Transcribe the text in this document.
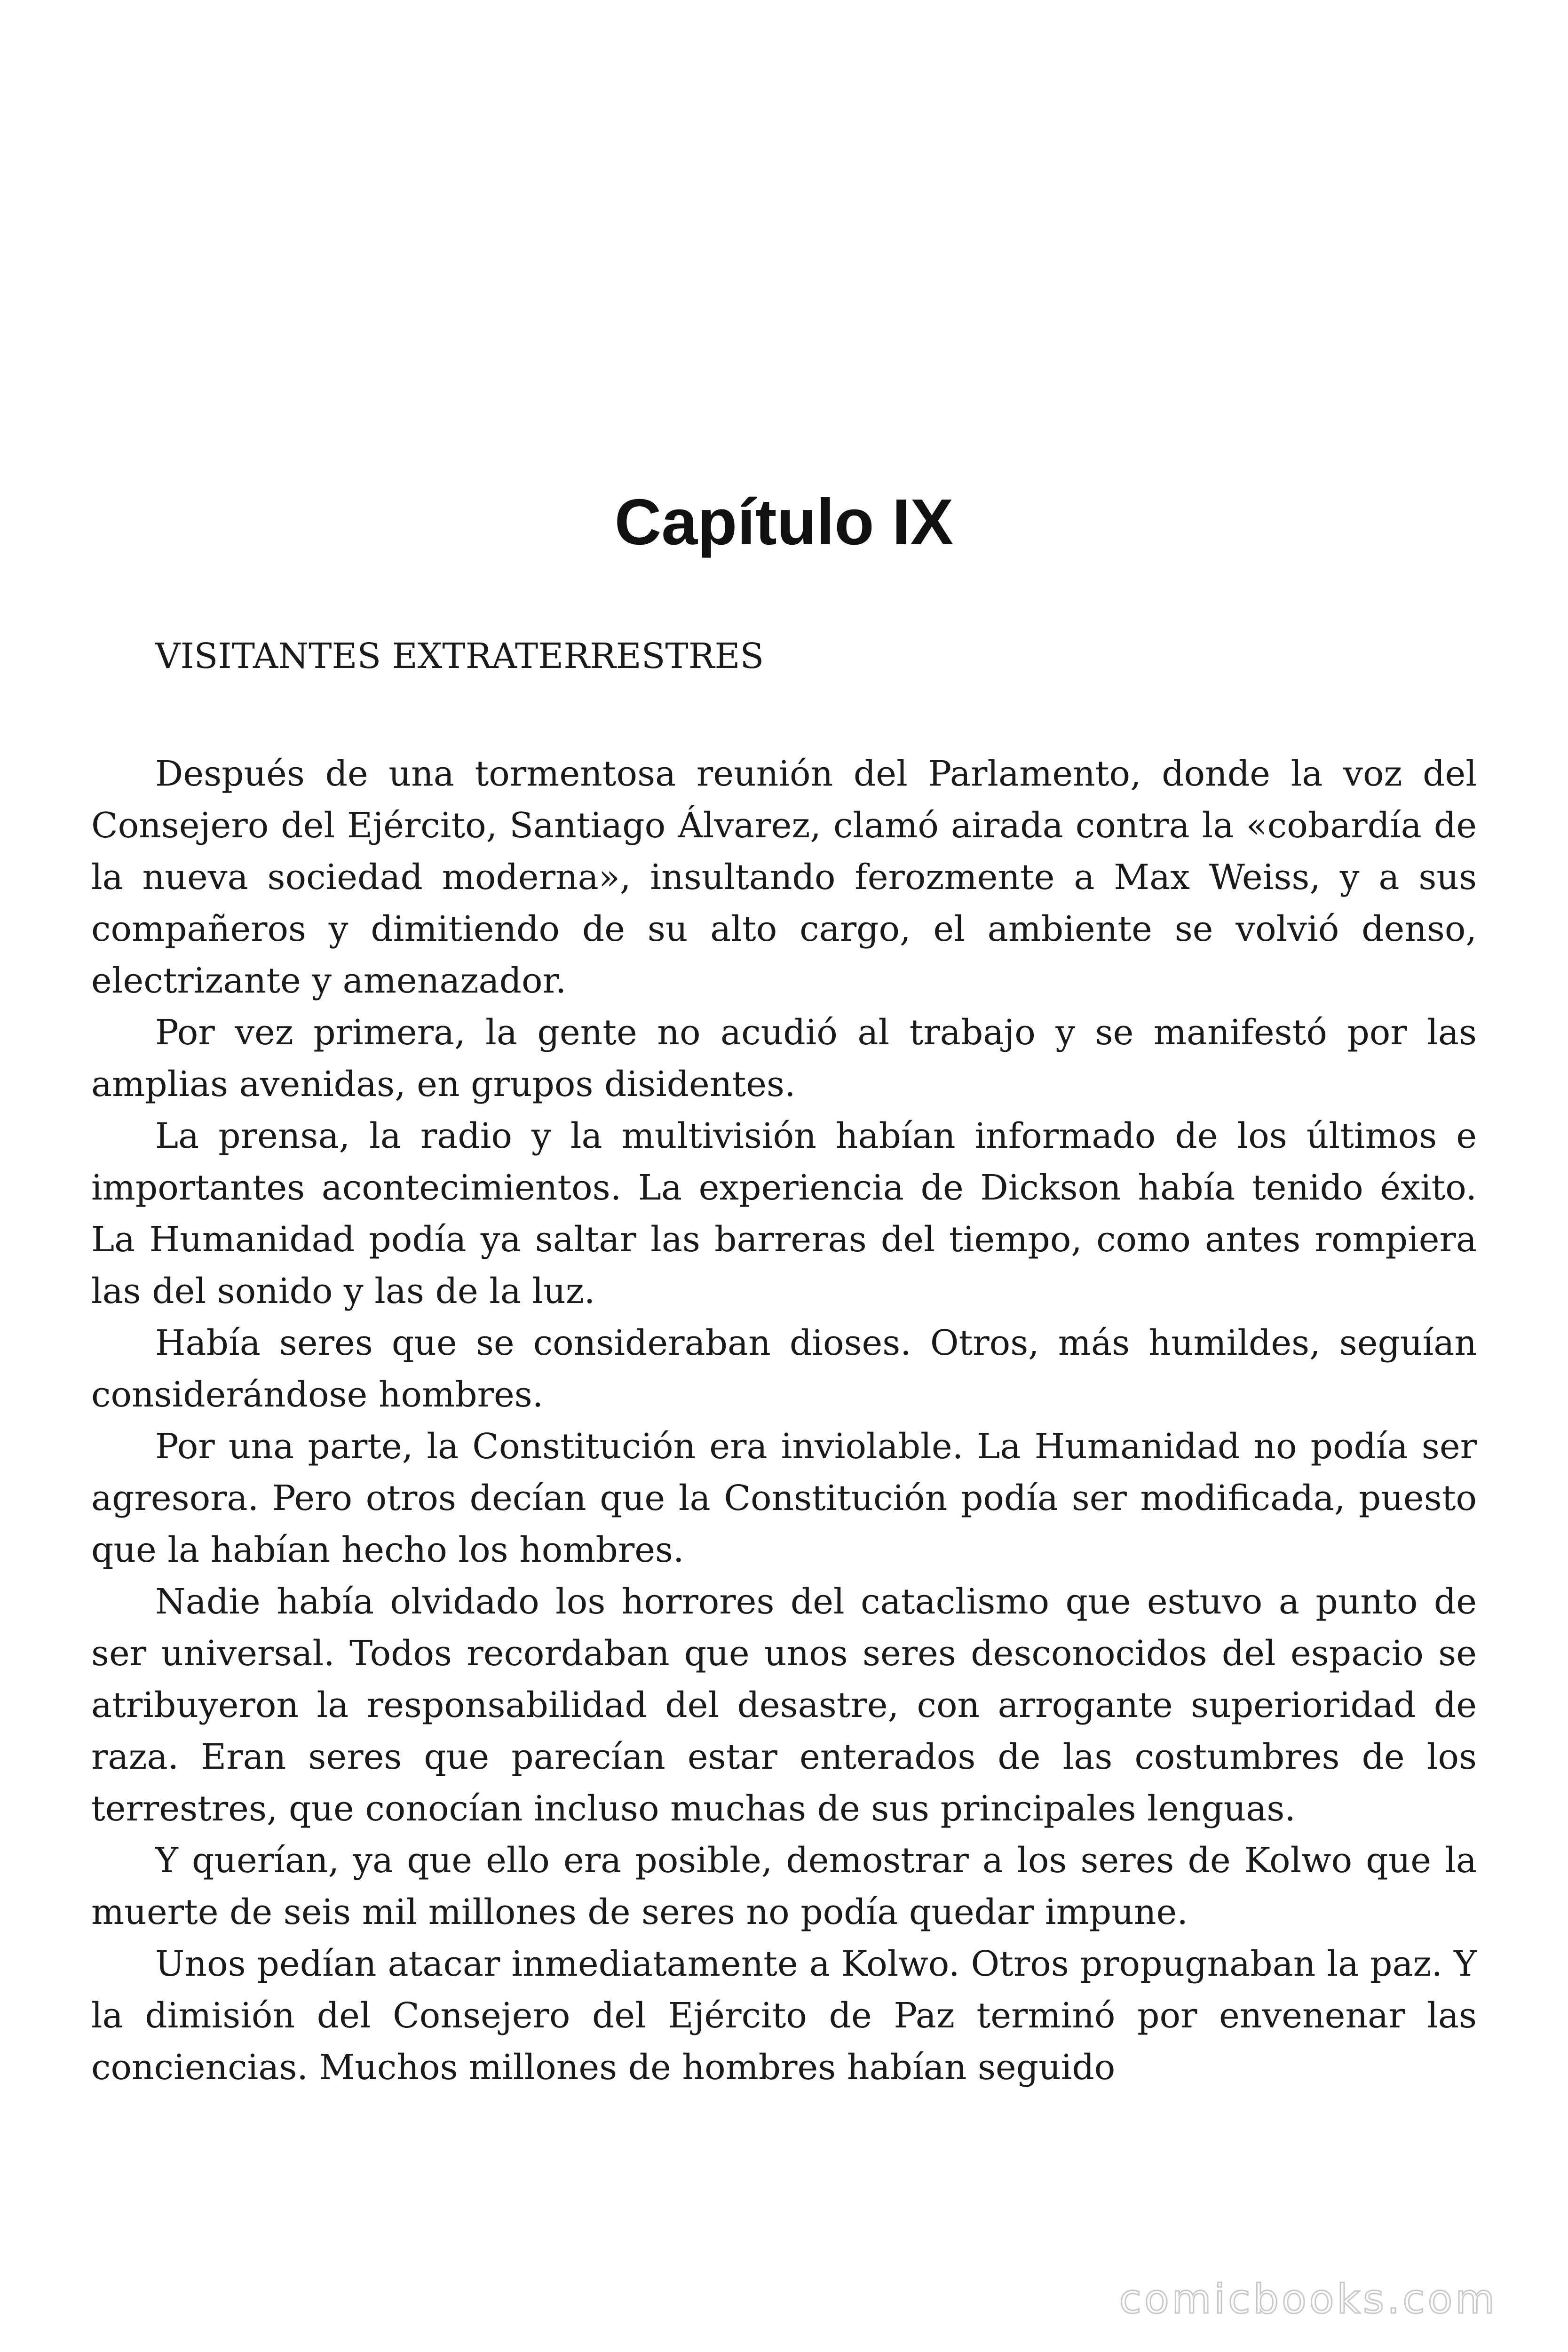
Capítulo IX

VISITANTES EXTRATERRESTRES

Después de una tormentosa reunión del Parlamento, donde la voz del Consejero del Ejército, Santiago Álvarez, clamó airada contra la «cobardía de la nueva sociedad moderna», insultando ferozmente a Max Weiss, y a sus compañeros y dimitiendo de su alto cargo, el ambiente se volvió denso, electrizante y amenazador.

Por vez primera, la gente no acudió al trabajo y se manifestó por las amplias avenidas, en grupos disidentes.

La prensa, la radio y la multivisión habían informado de los últimos e importantes acontecimientos. La experiencia de Dickson había tenido éxito. La Humanidad podía ya saltar las barreras del tiempo, como antes rompiera las del sonido y las de la luz.

Había seres que se consideraban dioses. Otros, más humildes, seguían considerándose hombres.

Por una parte, la Constitución era inviolable. La Humanidad no podía ser agresora. Pero otros decían que la Constitución podía ser modificada, puesto que la habían hecho los hombres.

Nadie había olvidado los horrores del cataclismo que estuvo a punto de ser universal. Todos recordaban que unos seres desconocidos del espacio se atribuyeron la responsabilidad del desastre, con arrogante superioridad de raza. Eran seres que parecían estar enterados de las costumbres de los terrestres, que conocían incluso muchas de sus principales lenguas.

Y querían, ya que ello era posible, demostrar a los seres de Kolwo que la muerte de seis mil millones de seres no podía quedar impune.

Unos pedían atacar inmediatamente a Kolwo. Otros propugnaban la paz. Y la dimisión del Consejero del Ejército de Paz terminó por envenenar las conciencias. Muchos millones de hombres habían seguido

comicbooks.com
